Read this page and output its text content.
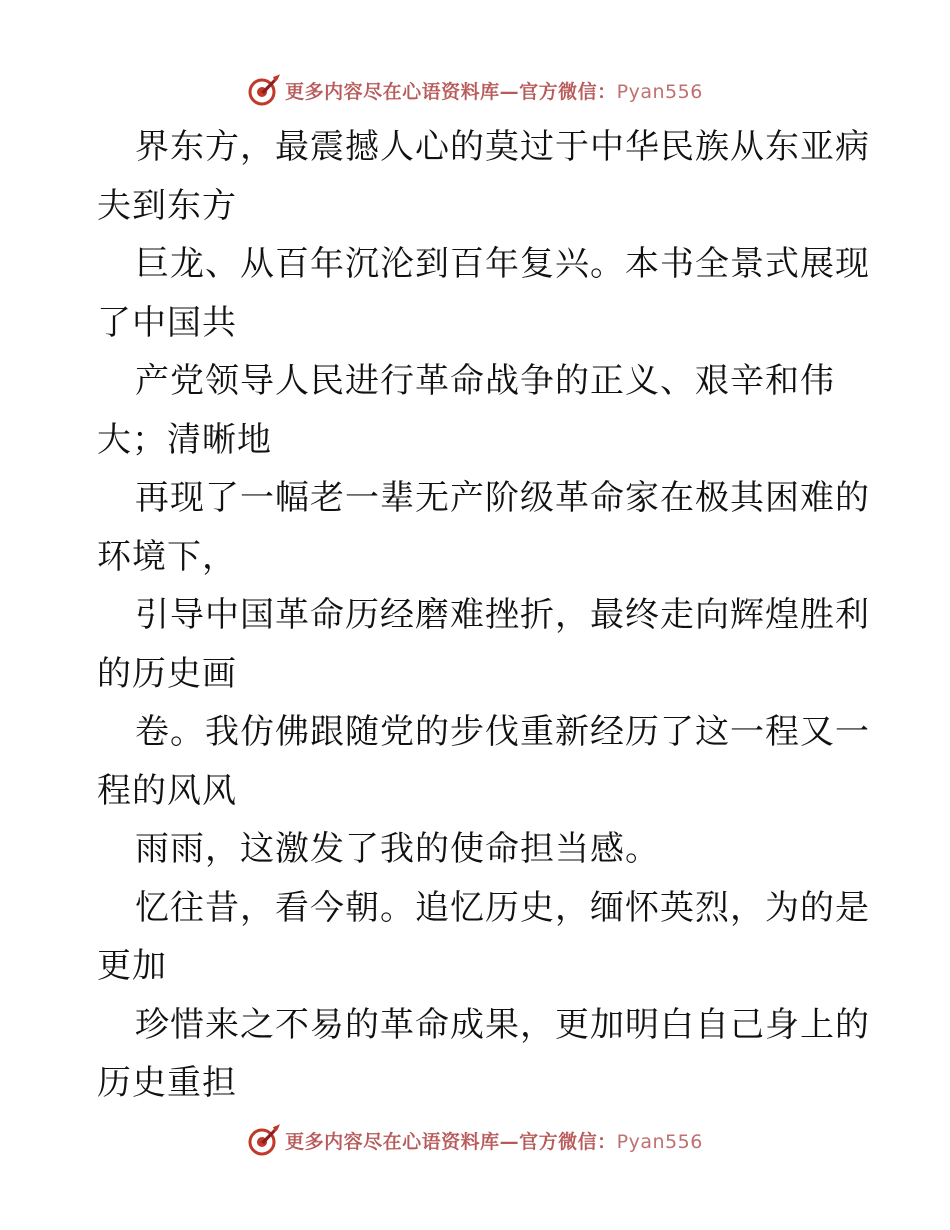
更多内容尽在心语资料库—官方微信：Pyan556
界东方，最震撼人心的莫过于中华民族从东亚病
夫到东方
巨龙、从百年沉沦到百年复兴。本书全景式展现
了中国共
产党领导人民进行革命战争的正义、艰辛和伟
大；清晰地
再现了一幅老一辈无产阶级革命家在极其困难的
环境下，
引导中国革命历经磨难挫折，最终走向辉煌胜利
的历史画
卷。我仿佛跟随党的步伐重新经历了这一程又一
程的风风
雨雨，这激发了我的使命担当感。
忆往昔，看今朝。追忆历史，缅怀英烈，为的是
更加
珍惜来之不易的革命成果，更加明白自己身上的
历史重担
更多内容尽在心语资料库—官方微信：Pyan556
